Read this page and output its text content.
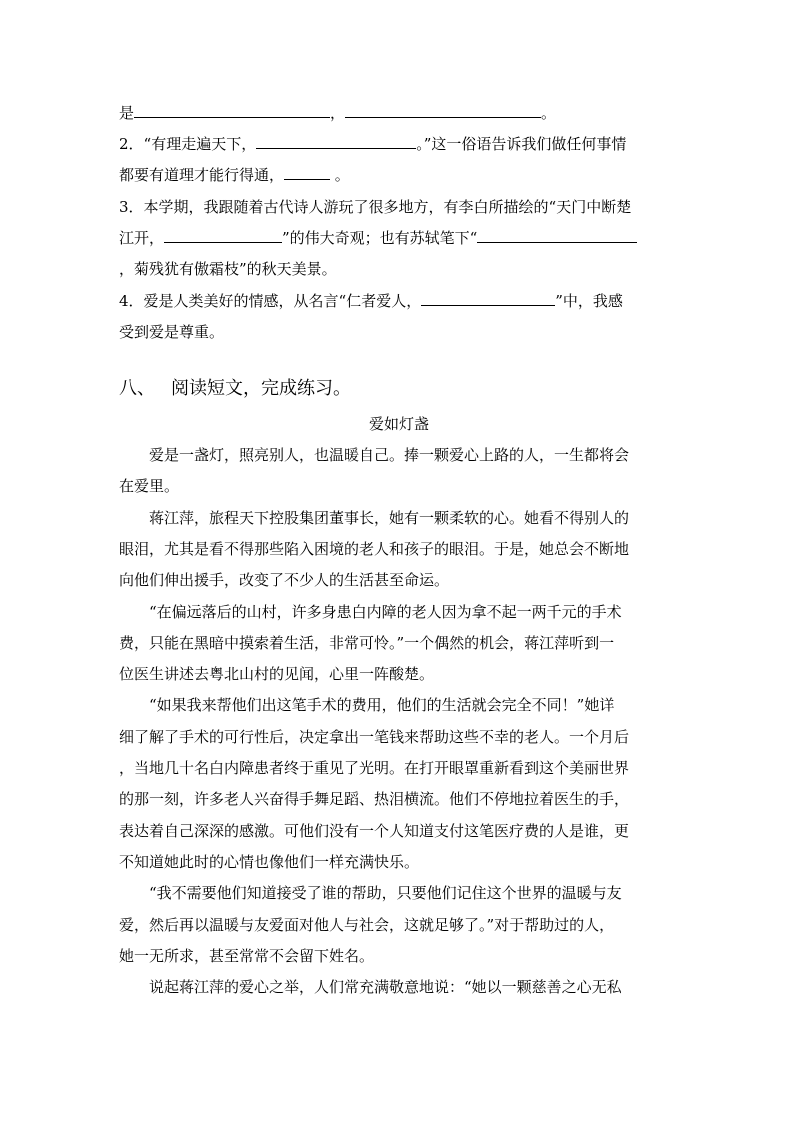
是	，	。
2．“有理走遍天下，	。”这一俗语告诉我们做任何事情
都要有道理才能行得通，	。
3．本学期，我跟随着古代诗人游玩了很多地方，有李白所描绘的“天门中断楚
江开，	”的伟大奇观；也有苏轼笔下“
，菊残犹有傲霜枝”的秋天美景。
4．爱是人类美好的情感，从名言“仁者爱人，	”中，我感
受到爱是尊重。
八、 阅读短文，完成练习。
爱如灯盏
　　爱是一盏灯，照亮别人，也温暖自己。捧一颗爱心上路的人，一生都将会
在爱里。
　　蒋江萍，旅程天下控股集团董事长，她有一颗柔软的心。她看不得别人的
眼泪，尤其是看不得那些陷入困境的老人和孩子的眼泪。于是，她总会不断地
向他们伸出援手，改变了不少人的生活甚至命运。
　　“在偏远落后的山村，许多身患白内障的老人因为拿不起一两千元的手术
费，只能在黑暗中摸索着生活，非常可怜。”一个偶然的机会，蒋江萍听到一
位医生讲述去粤北山村的见闻，心里一阵酸楚。
　　“如果我来帮他们出这笔手术的费用，他们的生活就会完全不同！”她详
细了解了手术的可行性后，决定拿出一笔钱来帮助这些不幸的老人。一个月后
，当地几十名白内障患者终于重见了光明。在打开眼罩重新看到这个美丽世界
的那一刻，许多老人兴奋得手舞足蹈、热泪横流。他们不停地拉着医生的手，
表达着自己深深的感激。可他们没有一个人知道支付这笔医疗费的人是谁，更
不知道她此时的心情也像他们一样充满快乐。
　　“我不需要他们知道接受了谁的帮助，只要他们记住这个世界的温暖与友
爱，然后再以温暖与友爱面对他人与社会，这就足够了。”对于帮助过的人，
她一无所求，甚至常常不会留下姓名。
　　说起蒋江萍的爱心之举，人们常充满敬意地说：“她以一颗慈善之心无私
